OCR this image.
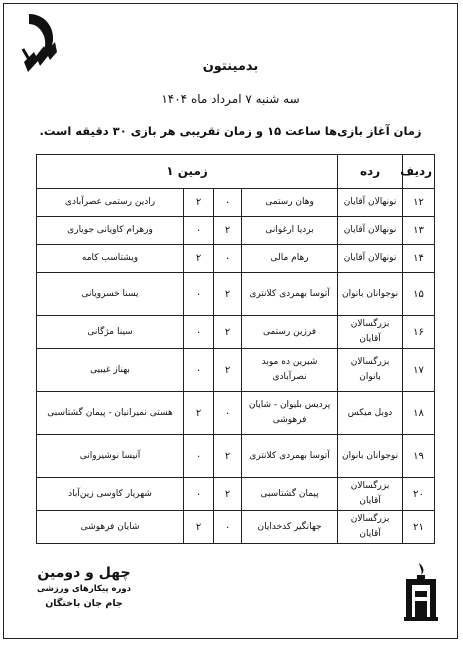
بدمینتون
سه شنبه ۷ امرداد ماه ۱۴۰۴
زمان آغاز بازی‌ها ساعت ۱۵ و زمان تقریبی هر بازی ۳۰ دقیقه است.
ردیف	رده	زمین ۱			
۱۲	نونهالان آقایان	وهان رستمی	۰	۲	رادین رستمی عصرآبادی
۱۳	نونهالان آقایان	بردیا ارغوانی	۲	۰	ورهرام کاویانی جویاری
۱۴	نونهالان آقایان	رهام مالی	۰	۲	ویشتاسب کامه
۱۵	نوجوانان بانوان	آتوسا بهمردی کلانتری	۲	۰	یسنا خسرویانی
۱۶	بزرگسالان آقایان	فرزین رستمی	۲	۰	سینا مژگانی
۱۷	بزرگسالان بانوان	شیرین ده موبد نصرآبادی	۲	۰	بهناز غیبیی
۱۸	دوبل میکس	پردیس بلیوان - شایان فرهوشی	۰	۲	هستی نمیرانیان - پیمان گشتاسبی
۱۹	نوجوانان بانوان	آتوسا بهمردی کلانتری	۲	۰	آنیسا نوشیروانی
۲۰	بزرگسالان آقایان	پیمان گشتاسبی	۲	۰	شهریار کاوسی زین‌آباد
۲۱	بزرگسالان آقایان	جهانگیر کدخدایان	۰	۲	شایان فرهوشی
چهل و دومین
دوره پیکارهای ورزشی
جام جان باختگان
